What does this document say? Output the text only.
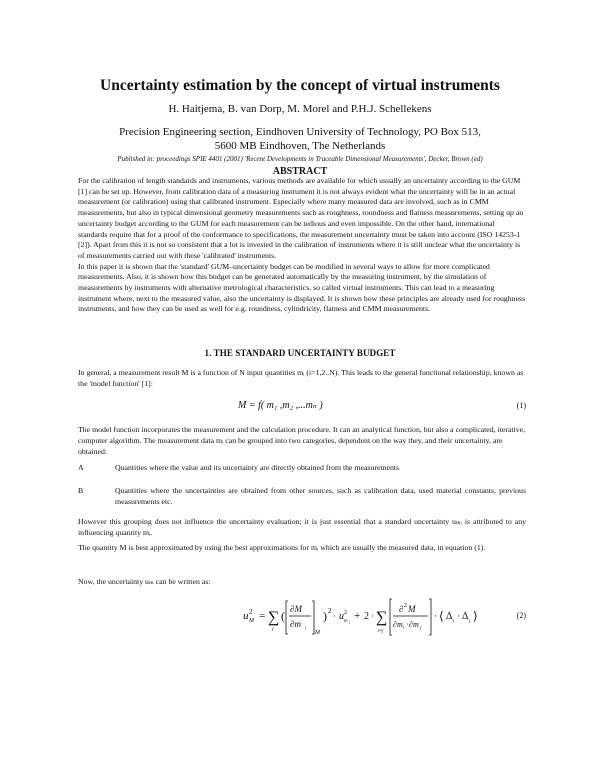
Uncertainty estimation by the concept of virtual instruments
H. Haitjema, B. van Dorp, M. Morel and P.H.J. Schellekens
Precision Engineering section, Eindhoven University of Technology, PO Box 513,
5600 MB Eindhoven, The Netherlands
Published in: proceedings SPIE 4401 (2001) 'Recent Developments in Traceable Dimensional Measurements', Decker, Brown (ed)
ABSTRACT

For the calibration of length standards and instruments, various methods are available for which usually an uncertainty according to the GUM [1] can be set up. However, from calibration data of a measuring instrument it is not always evident what the uncertainty will be in an actual measurement (or calibration) using that calibrated instrument. Especially where many measured data are involved, such as in CMM measurements, but also in typical dimensional geometry measurements such as roughness, roundness and flatness measurements, setting up an uncertainty budget according to the GUM for each measurement can be tedious and even impossible. On the other hand, international standards require that for a proof of the conformance to specifications, the measurement uncertainty must be taken into account (ISO 14253-1 [2]). Apart from this it is not so consistent that a lot is invested in the calibration of instruments where it is still unclear what the uncertainty is of measurements carried out with these 'calibrated' instruments.

In this paper it is shown that the 'standard' GUM–uncertainty budget can be modified in several ways to allow for more complicated measurements. Also, it is shown how this budget can be generated automatically by the measuring instrument, by the simulation of measurements by instruments with alternative metrological characteristics, so called virtual instruments. This can lead to a measuring instrument where, next to the measured value, also the uncertainty is displayed. It is shown how these principles are already used for roughness instruments, and how they can be used as well for e.g. roundness, cylindricity, flatness and CMM measurements.

1. THE STANDARD UNCERTAINTY BUDGET
In general, a measurement result M is a function of N input quantities mᵢ (i=1,2..N). This leads to the general functional relationship, known as the 'model function' [1]:
M = f( m₁ ,m₂ ,...mₙ )	(1)
The model function incorporates the measurement and the calculation procedure. It can an analytical function, but also a complicated, iterative, computer algorithm. The measurement data mᵢ can be grouped into two categories, dependent on the way they, and their uncertainty, are obtained:
A	Quantities where the value and its uncertainty are directly obtained from the measurements
B	Quantities where the uncertainties are obtained from other sources, such as calibration data, used material constants, previous measurements etc.
However this grouping does not influence the uncertainty evaluation; it is just essential that a standard uncertainty uₘᵢ is attributed to any influencing quantity mᵢ.
The quantity M is best approximated by using the best approximations for mᵢ which are usually the measured data, in equation (1).
Now, the uncertainty uₘ can be written as:
u 2
M = ∑
i
( ∂M
∂m i
M
) 2 · u 2
m i
+ 2 · ∑
i≠j
∂ 2 M
∂m i · ∂m j
· ⟨ Δ i
· Δ j ⟩	(2)
